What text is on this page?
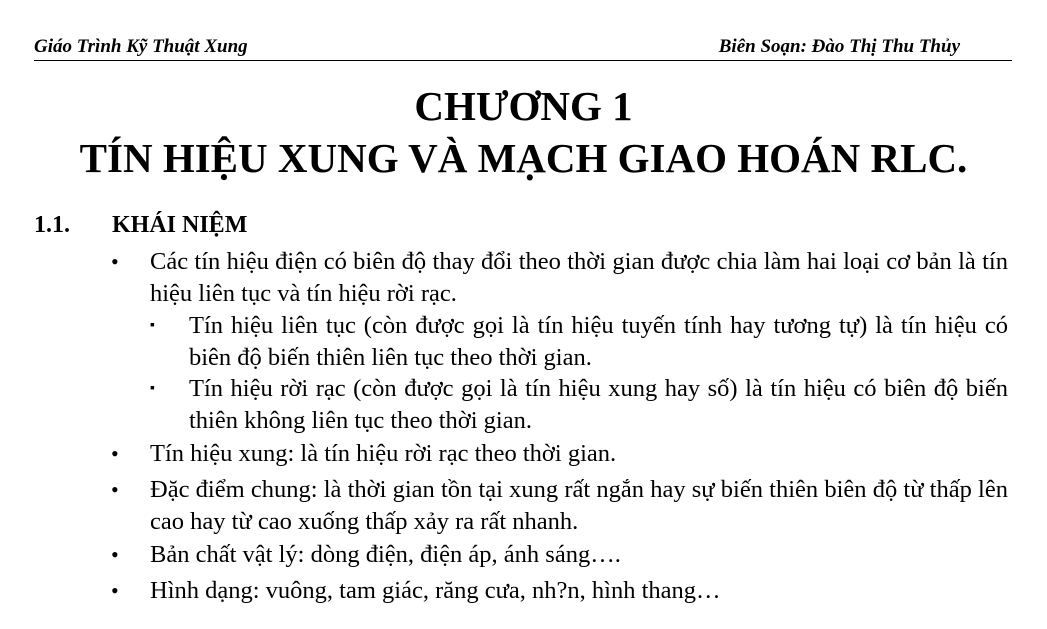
Giáo Trình Kỹ Thuật Xung	Biên Soạn: Đào Thị Thu Thủy
CHƯƠNG 1
TÍN HIỆU XUNG VÀ MẠCH GIAO HOÁN RLC.
1.1. KHÁI NIỆM
• Các tín hiệu điện có biên độ thay đổi theo thời gian được chia làm hai loại cơ bản là tín hiệu liên tục và tín hiệu rời rạc.
▪ Tín hiệu liên tục (còn được gọi là tín hiệu tuyến tính hay tương tự) là tín hiệu có biên độ biến thiên liên tục theo thời gian.
▪ Tín hiệu rời rạc (còn được gọi là tín hiệu xung hay số) là tín hiệu có biên độ biến thiên không liên tục theo thời gian.
• Tín hiệu xung: là tín hiệu rời rạc theo thời gian.
• Đặc điểm chung: là thời gian tồn tại xung rất ngắn hay sự biến thiên biên độ từ thấp lên cao hay từ cao xuống thấp xảy ra rất nhanh.
• Bản chất vật lý: dòng điện, điện áp, ánh sáng….
• Hình dạng: vuông, tam giác, răng cưa, nh?n, hình thang…
